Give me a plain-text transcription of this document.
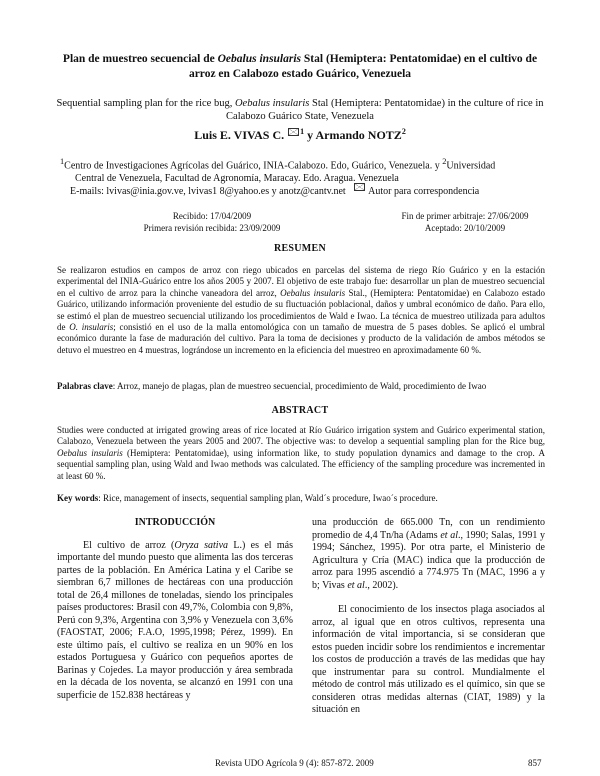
Plan de muestreo secuencial de Oebalus insularis Stal (Hemiptera: Pentatomidae) en el cultivo de arroz en Calabozo estado Guárico, Venezuela
Sequential sampling plan for the rice bug, Oebalus insularis Stal (Hemiptera: Pentatomidae) in the culture of rice in Calabozo Guárico State, Venezuela
Luis E. VIVAS C. $^1$ y Armando NOTZ$^2$
$^1$Centro de Investigaciones Agrícolas del Guárico, INIA-Calabozo. Edo, Guárico, Venezuela. y $^2$Universidad
Central de Venezuela, Facultad de Agronomía, Maracay. Edo. Aragua. Venezuela
E-mails: lvivas@inia.gov.ve, lvivas1 8@yahoo.es y anotz@cantv.net Autor para correspondencia
Recibido: 17/04/2009
Primera revisión recibida: 23/09/2009
Fin de primer arbitraje: 27/06/2009
Aceptado: 20/10/2009
RESUMEN
Se realizaron estudios en campos de arroz con riego ubicados en parcelas del sistema de riego Río Guárico y en la estación experimental del INIA-Guárico entre los años 2005 y 2007. El objetivo de este trabajo fue: desarrollar un plan de muestreo secuencial en el cultivo de arroz para la chinche vaneadora del arroz, Oebalus insularis Stal., (Hemiptera: Pentatomidae) en Calabozo estado Guárico, utilizando información proveniente del estudio de su fluctuación poblacional, daños y umbral económico de daño. Para ello, se estimó el plan de muestreo secuencial utilizando los procedimientos de Wald e Iwao. La técnica de muestreo utilizada para adultos de O. insularis; consistió en el uso de la malla entomológica con un tamaño de muestra de 5 pases dobles. Se aplicó el umbral económico durante la fase de maduración del cultivo. Para la toma de decisiones y producto de la validación de ambos métodos se detuvo el muestreo en 4 muestras, lográndose un incremento en la eficiencia del muestreo en aproximadamente 60 %.
Palabras clave: Arroz, manejo de plagas, plan de muestreo secuencial, procedimiento de Wald, procedimiento de Iwao
ABSTRACT
Studies were conducted at irrigated growing areas of rice located at Río Guárico irrigation system and Guárico experimental station, Calabozo, Venezuela between the years 2005 and 2007. The objective was: to develop a sequential sampling plan for the Rice bug, Oebalus insularis (Hemiptera: Pentatomidae), using information like, to study population dynamics and damage to the crop. A sequential sampling plan, using Wald and Iwao methods was calculated. The efficiency of the sampling procedure was incremented in at least 60 %.
Key words: Rice, management of insects, sequential sampling plan, Wald´s procedure, Iwao´s procedure.
INTRODUCCIÓN

El cultivo de arroz (Oryza sativa L.) es el más importante del mundo puesto que alimenta las dos terceras partes de la población. En América Latina y el Caribe se siembran 6,7 millones de hectáreas con una producción total de 26,4 millones de toneladas, siendo los principales países productores: Brasil con 49,7%, Colombia con 9,8%, Perú con 9,3%, Argentina con 3,9% y Venezuela con 3,6% (FAOSTAT, 2006; F.A.O, 1995,1998; Pérez, 1999). En este último país, el cultivo se realiza en un 90% en los estados Portuguesa y Guárico con pequeños aportes de Barinas y Cojedes. La mayor producción y área sembrada en la década de los noventa, se alcanzó en 1991 con una superficie de 152.838 hectáreas y

una producción de 665.000 Tn, con un rendimiento promedio de 4,4 Tn/ha (Adams et al., 1990; Salas, 1991 y 1994; Sánchez, 1995). Por otra parte, el Ministerio de Agricultura y Cría (MAC) indica que la producción de arroz para 1995 ascendió a 774.975 Tn (MAC, 1996 a y b; Vivas et al., 2002).

El conocimiento de los insectos plaga asociados al arroz, al igual que en otros cultivos, representa una información de vital importancia, si se consideran que estos pueden incidir sobre los rendimientos e incrementar los costos de producción a través de las medidas que hay que instrumentar para su control. Mundialmente el método de control más utilizado es el químico, sin que se consideren otras medidas alternas (CIAT, 1989) y la situación en

Revista UDO Agrícola 9 (4): 857-872. 2009	857
